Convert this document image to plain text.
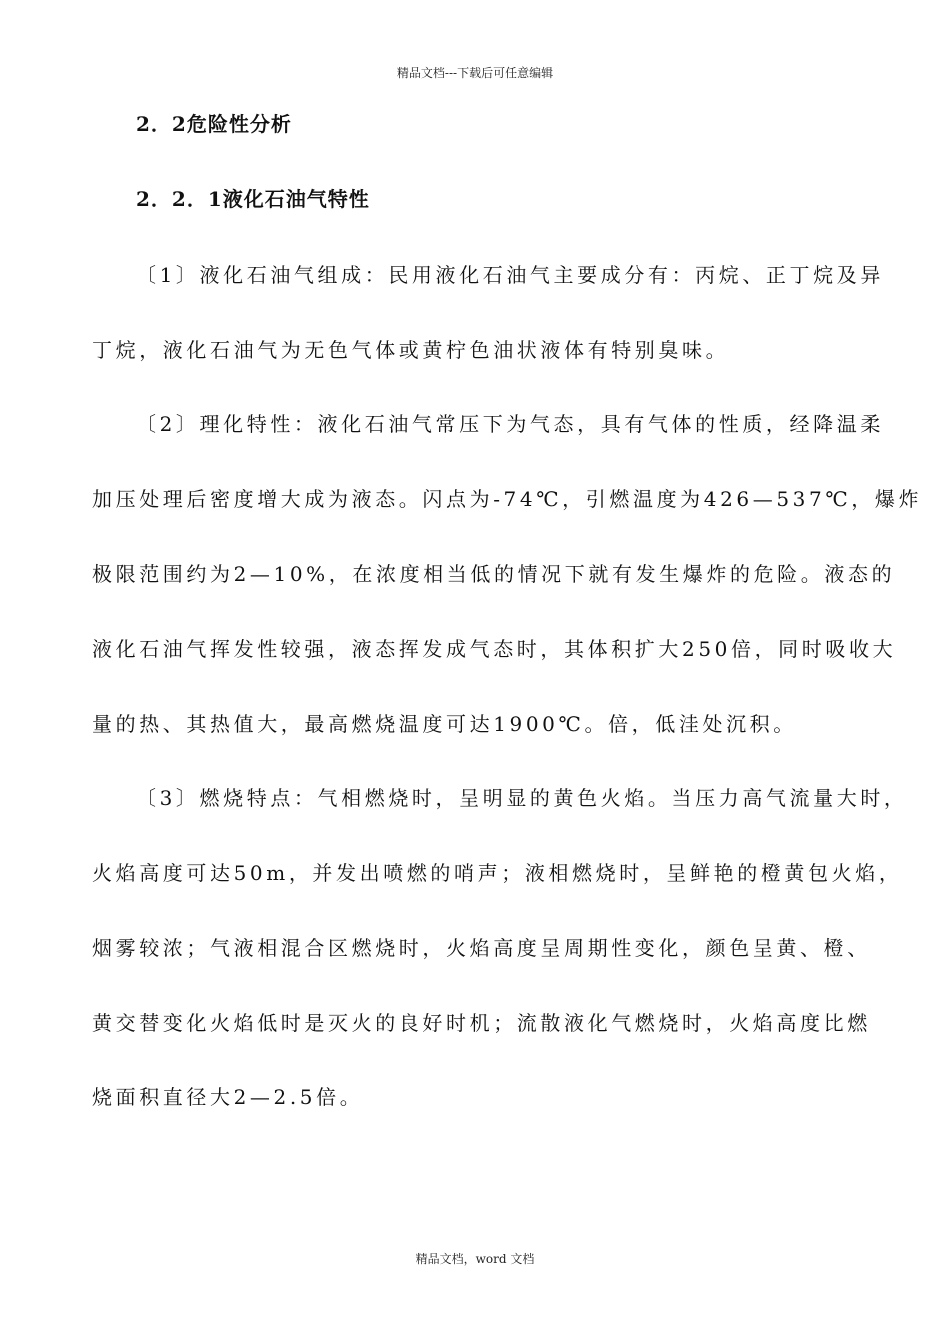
精品文档---下载后可任意编辑
2．2危险性分析
2．2．1液化石油气特性
〔1〕液化石油气组成：民用液化石油气主要成分有：丙烷、正丁烷及异
丁烷，液化石油气为无色气体或黄柠色油状液体有特别臭味。
〔2〕理化特性：液化石油气常压下为气态，具有气体的性质，经降温柔
加压处理后密度增大成为液态。闪点为-74℃，引燃温度为426—537℃，爆炸
极限范围约为2—10%，在浓度相当低的情况下就有发生爆炸的危险。液态的
液化石油气挥发性较强，液态挥发成气态时，其体积扩大250倍，同时吸收大
量的热、其热值大，最高燃烧温度可达1900℃。倍，低洼处沉积。
〔3〕燃烧特点：气相燃烧时，呈明显的黄色火焰。当压力高气流量大时，
火焰高度可达50m，并发出喷燃的哨声；液相燃烧时，呈鲜艳的橙黄包火焰，
烟雾较浓；气液相混合区燃烧时，火焰高度呈周期性变化，颜色呈黄、橙、
黄交替变化火焰低时是灭火的良好时机；流散液化气燃烧时，火焰高度比燃
烧面积直径大2—2.5倍。
精品文档，word 文档
